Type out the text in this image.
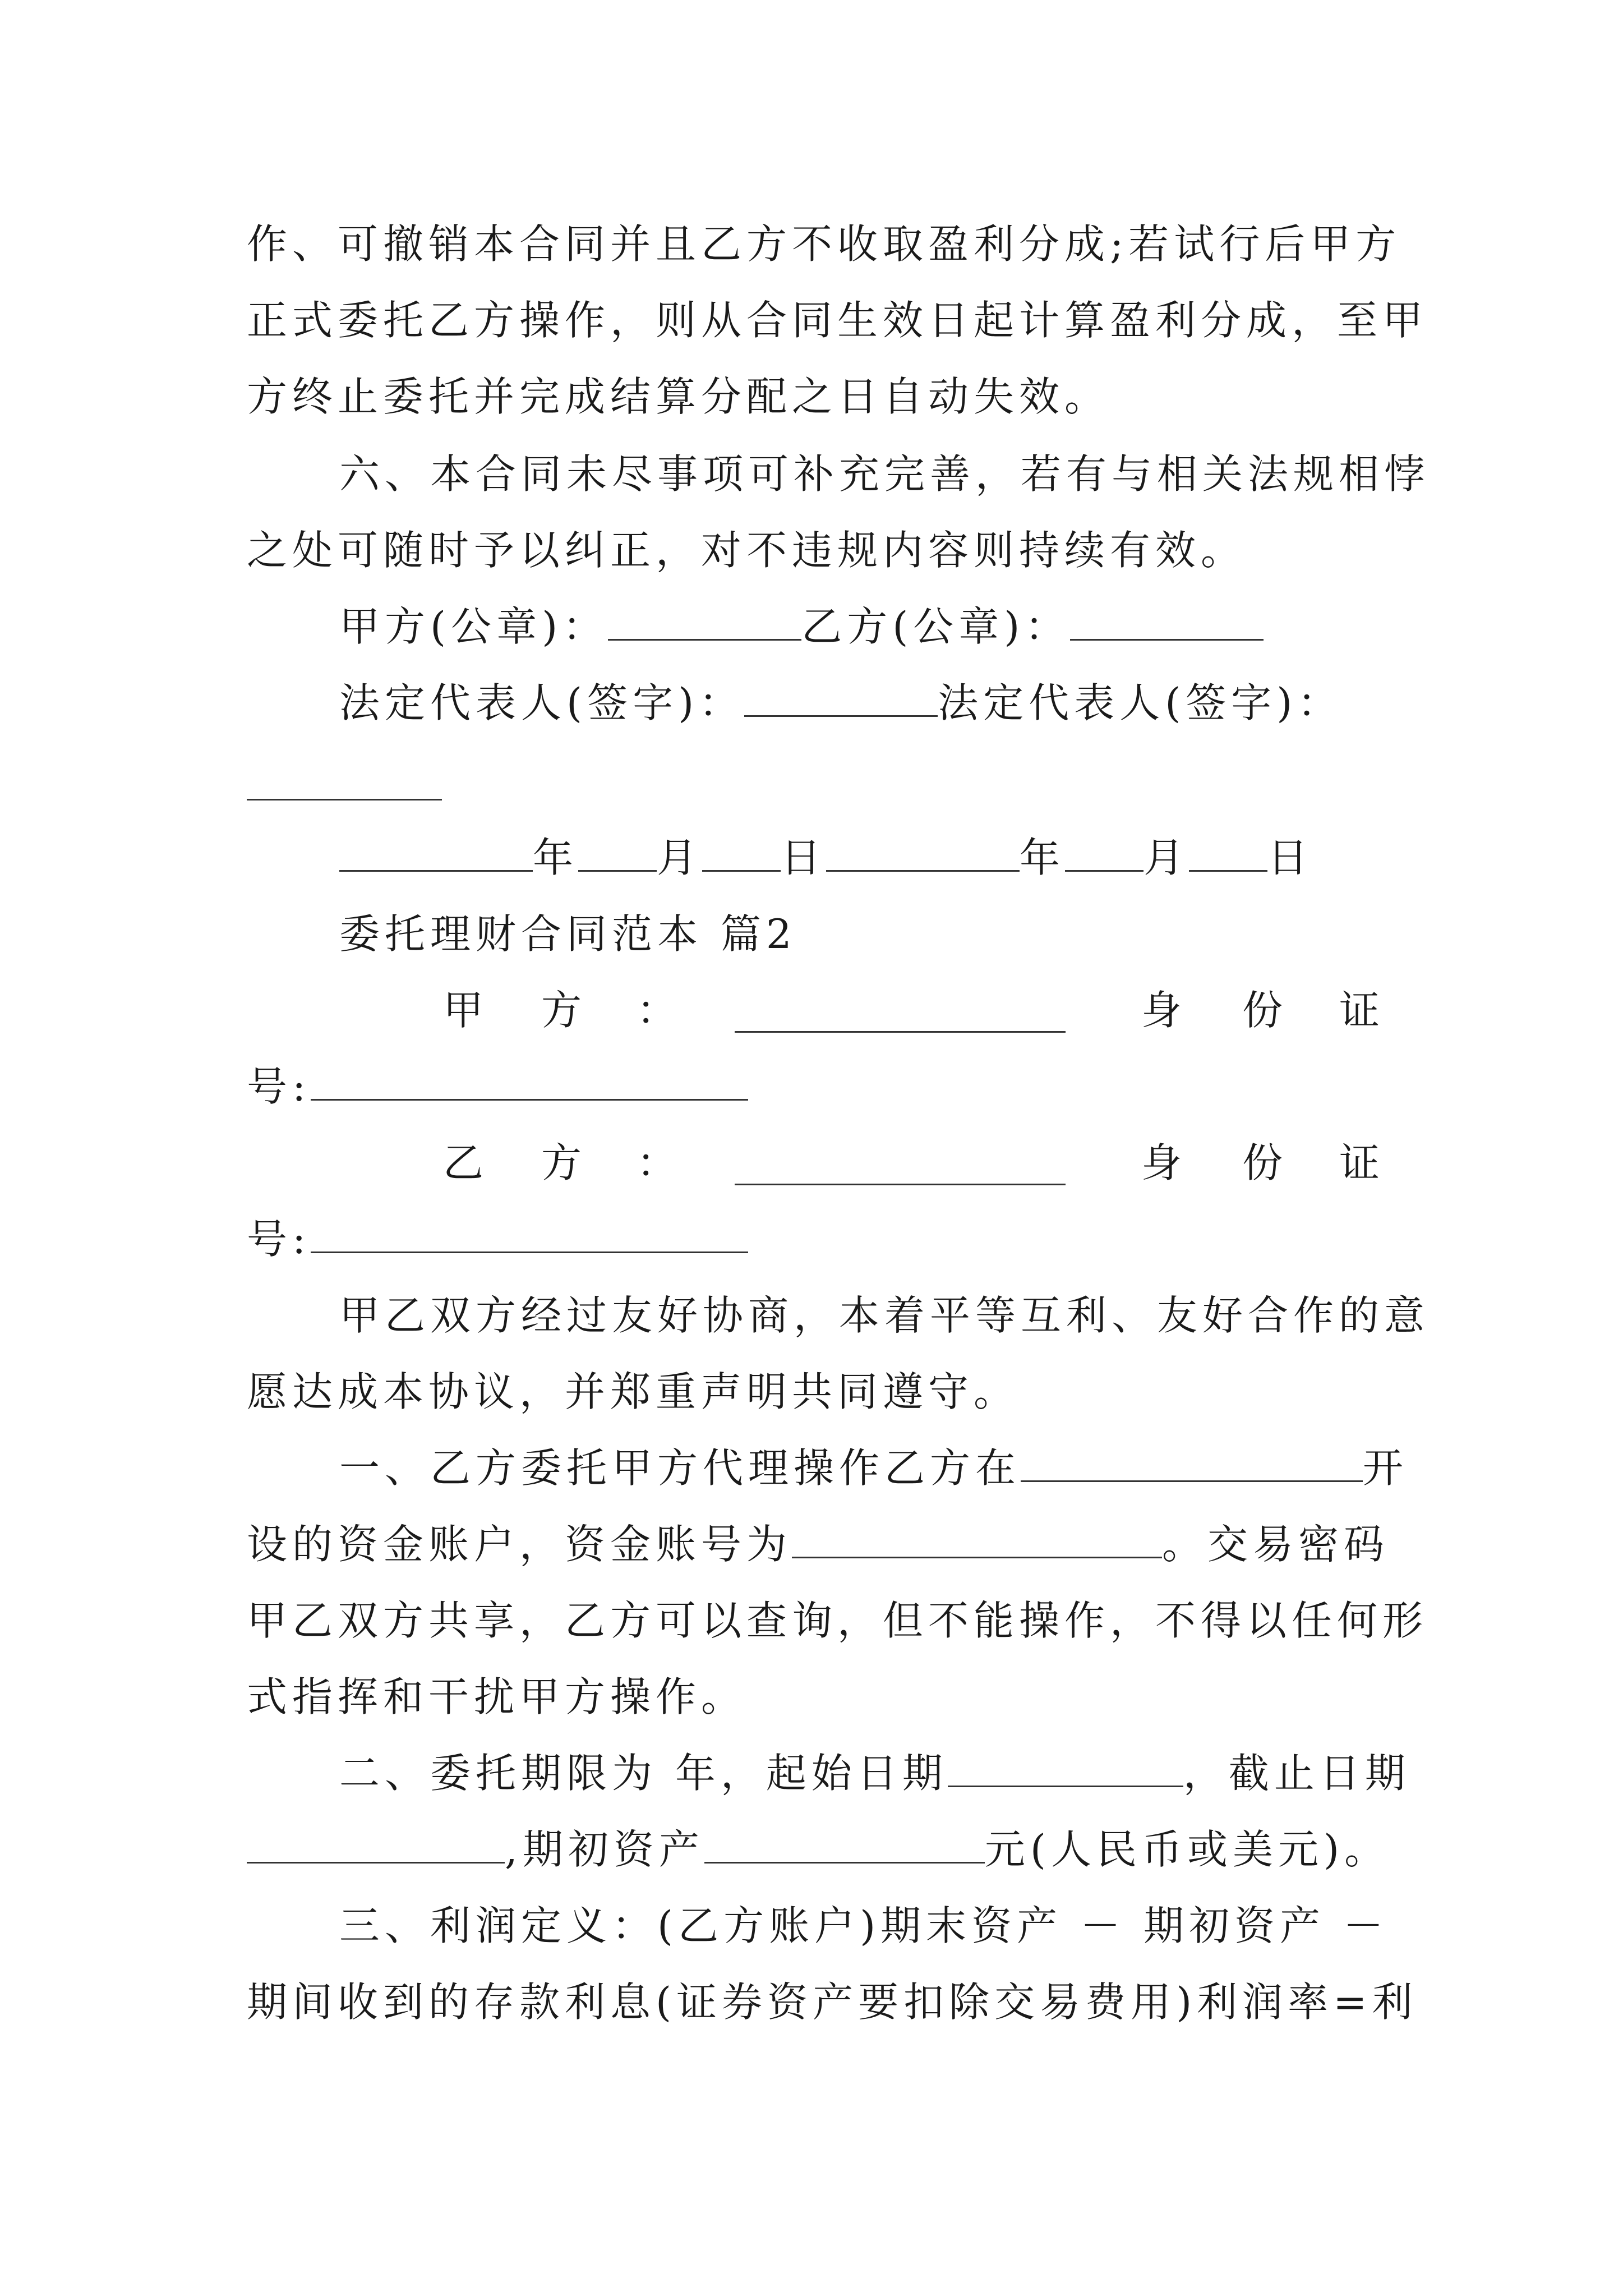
作、可撤销本合同并且乙方不收取盈利分成;若试行后甲方
正式委托乙方操作，则从合同生效日起计算盈利分成，至甲
方终止委托并完成结算分配之日自动失效。
六、本合同未尽事项可补充完善，若有与相关法规相悖
之处可随时予以纠正，对不违规内容则持续有效。
甲方(公章)：	乙方(公章)：
法定代表人(签字)：	法定代表人(签字)：
年 月 日	年 月 日
委托理财合同范本 篇2
甲 方 ：	身 份 证
号:
乙 方 ：	身 份 证
号:
甲乙双方经过友好协商，本着平等互利、友好合作的意
愿达成本协议，并郑重声明共同遵守。
一、乙方委托甲方代理操作乙方在	开
设的资金账户，资金账号为	。交易密码
甲乙双方共享，乙方可以查询，但不能操作，不得以任何形
式指挥和干扰甲方操作。
二、委托期限为 年，起始日期	，截止日期
,期初资产	元(人民币或美元)。
三、利润定义：(乙方账户)期末资产 － 期初资产 －
期间收到的存款利息(证券资产要扣除交易费用)利润率=利
